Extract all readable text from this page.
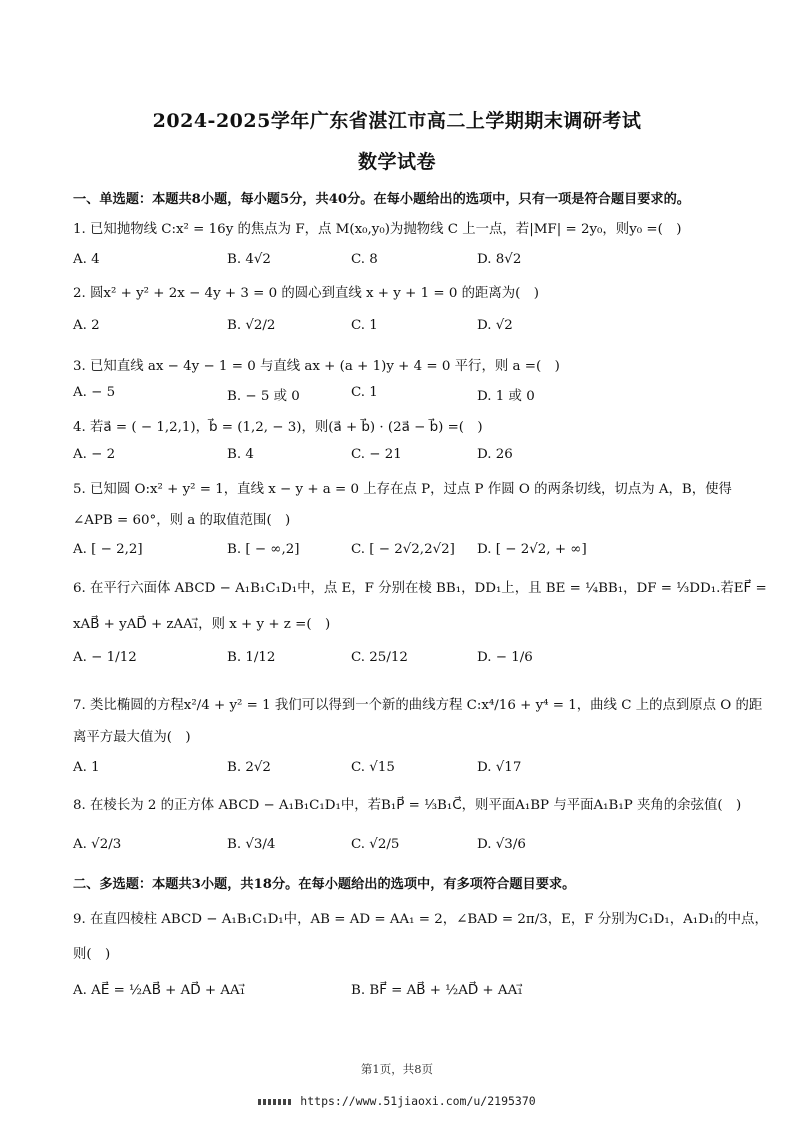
2024-2025学年广东省湛江市高二上学期期末调研考试
数学试卷
一、单选题：本题共8小题，每小题5分，共40分。在每小题给出的选项中，只有一项是符合题目要求的。
1. 已知抛物线 C:x² = 16y 的焦点为 F，点 M(x₀,y₀)为抛物线 C 上一点，若|MF| = 2y₀，则y₀ =(　)
A. 4	B. 4√2	C. 8	D. 8√2
2. 圆x² + y² + 2x − 4y + 3 = 0 的圆心到直线 x + y + 1 = 0 的距离为(　)
A. 2	B. √2/2	C. 1	D. √2
3. 已知直线 ax − 4y − 1 = 0 与直线 ax + (a + 1)y + 4 = 0 平行，则 a =(　)
A. − 5	B. − 5 或 0	C. 1	D. 1 或 0
4. 若a⃗ = ( − 1,2,1)，b⃗ = (1,2, − 3)，则(a⃗ + b⃗) · (2a⃗ − b⃗) =(　)
A. − 2	B. 4	C. − 21	D. 26
5. 已知圆 O:x² + y² = 1，直线 x − y + a = 0 上存在点 P，过点 P 作圆 O 的两条切线，切点为 A，B，使得
∠APB = 60°，则 a 的取值范围(　)
A. [ − 2,2]	B. [ − ∞,2]	C. [ − 2√2,2√2] D. [ − 2√2, + ∞]
6. 在平行六面体 ABCD − A₁B₁C₁D₁中，点 E，F 分别在棱 BB₁，DD₁上，且 BE = ¼BB₁，DF = ⅓DD₁.若EF⃗ =
xAB⃗ + yAD⃗ + zAA₁⃗，则 x + y + z =(　)
A. − 1/12	B. 1/12	C. 25/12	D. − 1/6
7. 类比椭圆的方程x²/4 + y² = 1 我们可以得到一个新的曲线方程 C:x⁴/16 + y⁴ = 1，曲线 C 上的点到原点 O 的距
离平方最大值为(　)
A. 1	B. 2√2	C. √15	D. √17
8. 在棱长为 2 的正方体 ABCD − A₁B₁C₁D₁中，若B₁P⃗ = ⅓B₁C⃗，则平面A₁BP 与平面A₁B₁P 夹角的余弦值(　)
A. √2/3	B. √3/4	C. √2/5	D. √3/6
二、多选题：本题共3小题，共18分。在每小题给出的选项中，有多项符合题目要求。
9. 在直四棱柱 ABCD − A₁B₁C₁D₁中，AB = AD = AA₁ = 2，∠BAD = 2π/3，E，F 分别为C₁D₁，A₁D₁的中点，
则(　)
A. AE⃗ = ½AB⃗ + AD⃗ + AA₁⃗	B. BF⃗ = AB⃗ + ½AD⃗ + AA₁⃗
第1页，共8页
https://www.51jiaoxi.com/u/2195370
